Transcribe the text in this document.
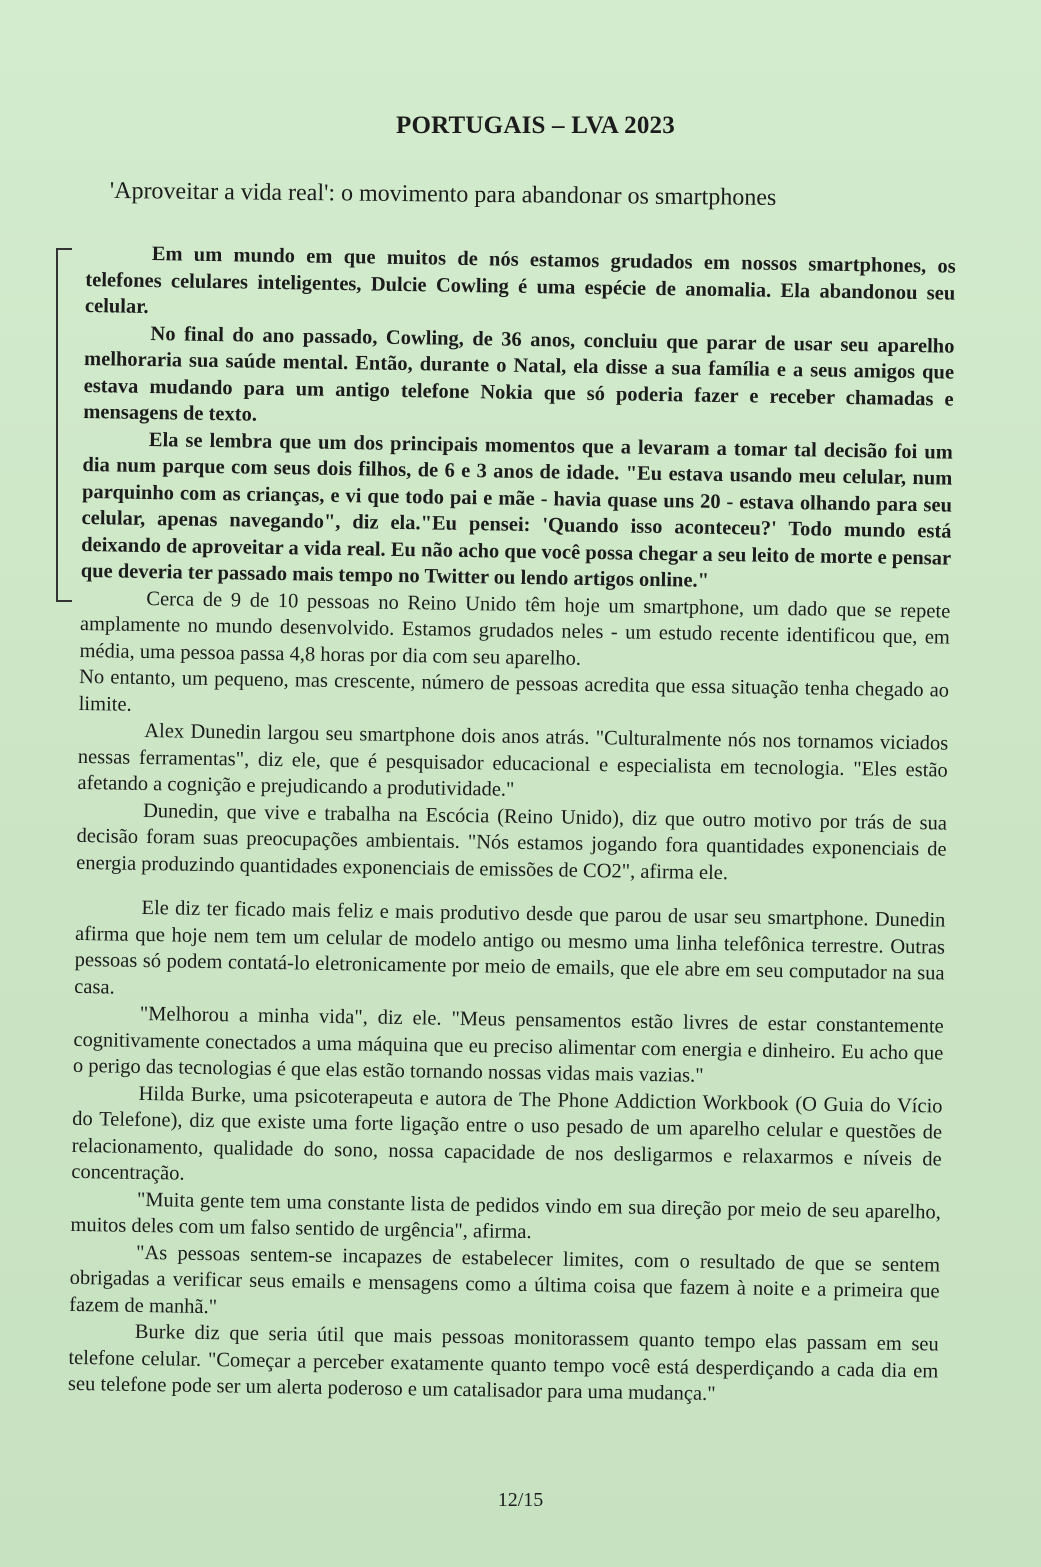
PORTUGAIS – LVA 2023
'Aproveitar a vida real': o movimento para abandonar os smartphones

Em um mundo em que muitos de nós estamos grudados em nossos smartphones, os telefones celulares inteligentes, Dulcie Cowling é uma espécie de anomalia. Ela abandonou seu celular.

No final do ano passado, Cowling, de 36 anos, concluiu que parar de usar seu aparelho melhoraria sua saúde mental. Então, durante o Natal, ela disse a sua família e a seus amigos que estava mudando para um antigo telefone Nokia que só poderia fazer e receber chamadas e mensagens de texto.

Ela se lembra que um dos principais momentos que a levaram a tomar tal decisão foi um dia num parque com seus dois filhos, de 6 e 3 anos de idade. "Eu estava usando meu celular, num parquinho com as crianças, e vi que todo pai e mãe - havia quase uns 20 - estava olhando para seu celular, apenas navegando", diz ela."Eu pensei: 'Quando isso aconteceu?' Todo mundo está deixando de aproveitar a vida real. Eu não acho que você possa chegar a seu leito de morte e pensar que deveria ter passado mais tempo no Twitter ou lendo artigos online."

Cerca de 9 de 10 pessoas no Reino Unido têm hoje um smartphone, um dado que se repete amplamente no mundo desenvolvido. Estamos grudados neles - um estudo recente identificou que, em média, uma pessoa passa 4,8 horas por dia com seu aparelho.

No entanto, um pequeno, mas crescente, número de pessoas acredita que essa situação tenha chegado ao limite.

Alex Dunedin largou seu smartphone dois anos atrás. "Culturalmente nós nos tornamos viciados nessas ferramentas", diz ele, que é pesquisador educacional e especialista em tecnologia. "Eles estão afetando a cognição e prejudicando a produtividade."

Dunedin, que vive e trabalha na Escócia (Reino Unido), diz que outro motivo por trás de sua decisão foram suas preocupações ambientais. "Nós estamos jogando fora quantidades exponenciais de energia produzindo quantidades exponenciais de emissões de CO2", afirma ele.

Ele diz ter ficado mais feliz e mais produtivo desde que parou de usar seu smartphone. Dunedin afirma que hoje nem tem um celular de modelo antigo ou mesmo uma linha telefônica terrestre. Outras pessoas só podem contatá-lo eletronicamente por meio de emails, que ele abre em seu computador na sua casa.

"Melhorou a minha vida", diz ele. "Meus pensamentos estão livres de estar constantemente cognitivamente conectados a uma máquina que eu preciso alimentar com energia e dinheiro. Eu acho que o perigo das tecnologias é que elas estão tornando nossas vidas mais vazias."

Hilda Burke, uma psicoterapeuta e autora de The Phone Addiction Workbook (O Guia do Vício do Telefone), diz que existe uma forte ligação entre o uso pesado de um aparelho celular e questões de relacionamento, qualidade do sono, nossa capacidade de nos desligarmos e relaxarmos e níveis de concentração.

"Muita gente tem uma constante lista de pedidos vindo em sua direção por meio de seu aparelho, muitos deles com um falso sentido de urgência", afirma.

"As pessoas sentem-se incapazes de estabelecer limites, com o resultado de que se sentem obrigadas a verificar seus emails e mensagens como a última coisa que fazem à noite e a primeira que fazem de manhã."

Burke diz que seria útil que mais pessoas monitorassem quanto tempo elas passam em seu telefone celular. "Começar a perceber exatamente quanto tempo você está desperdiçando a cada dia em seu telefone pode ser um alerta poderoso e um catalisador para uma mudança."

12/15
